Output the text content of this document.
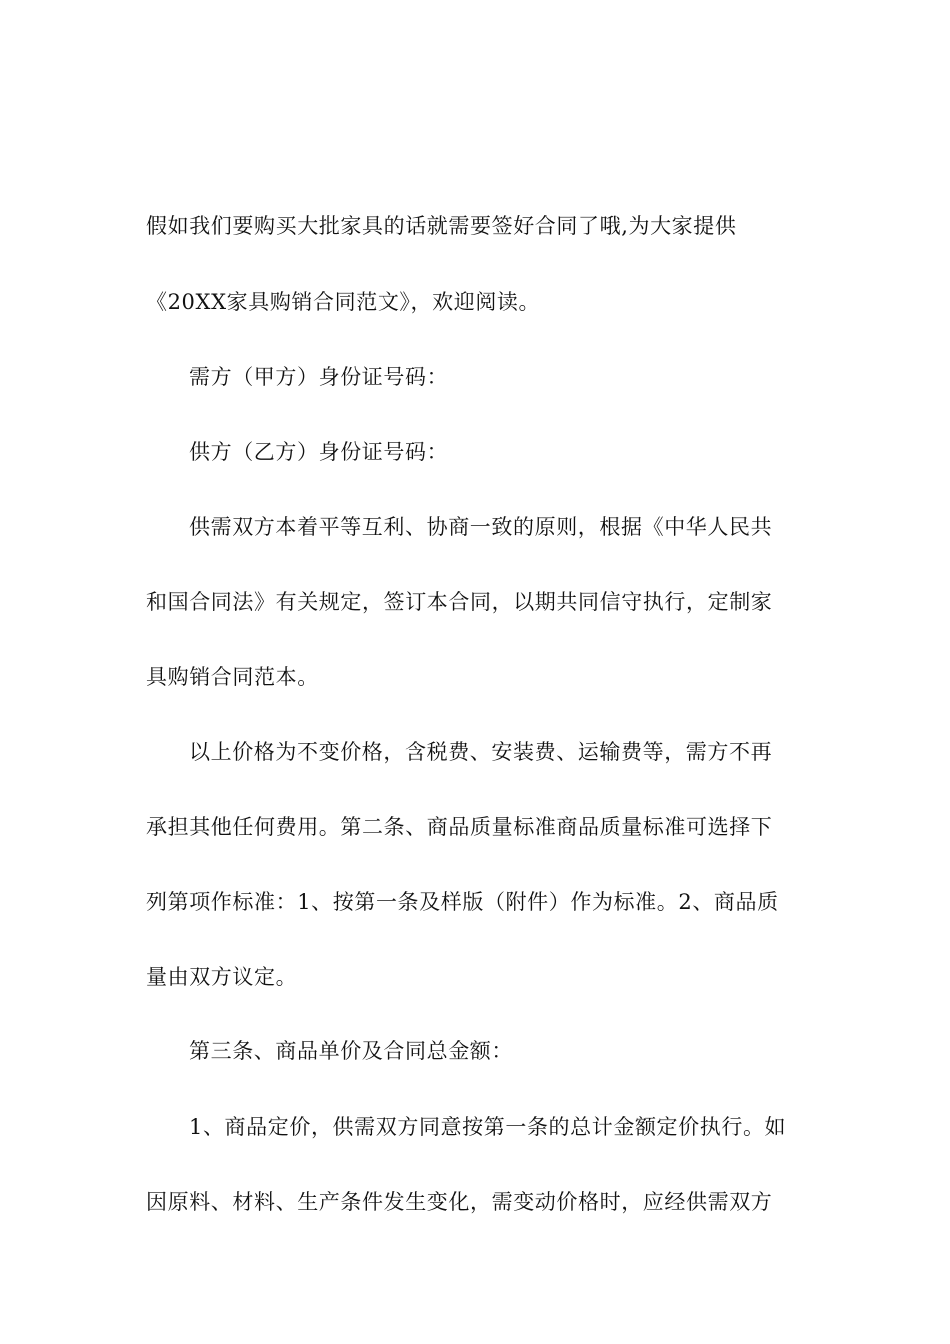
假如我们要购买大批家具的话就需要签好合同了哦,为大家提供
《20XX家具购销合同范文》，欢迎阅读。
需方（甲方）身份证号码：
供方（乙方）身份证号码：
供需双方本着平等互利、协商一致的原则，根据《中华人民共
和国合同法》有关规定，签订本合同，以期共同信守执行，定制家
具购销合同范本。
以上价格为不变价格，含税费、安装费、运输费等，需方不再
承担其他任何费用。第二条、商品质量标准商品质量标准可选择下
列第项作标准：1、按第一条及样版（附件）作为标准。2、商品质
量由双方议定。
第三条、商品单价及合同总金额：
1、商品定价，供需双方同意按第一条的总计金额定价执行。如
因原料、材料、生产条件发生变化，需变动价格时，应经供需双方
